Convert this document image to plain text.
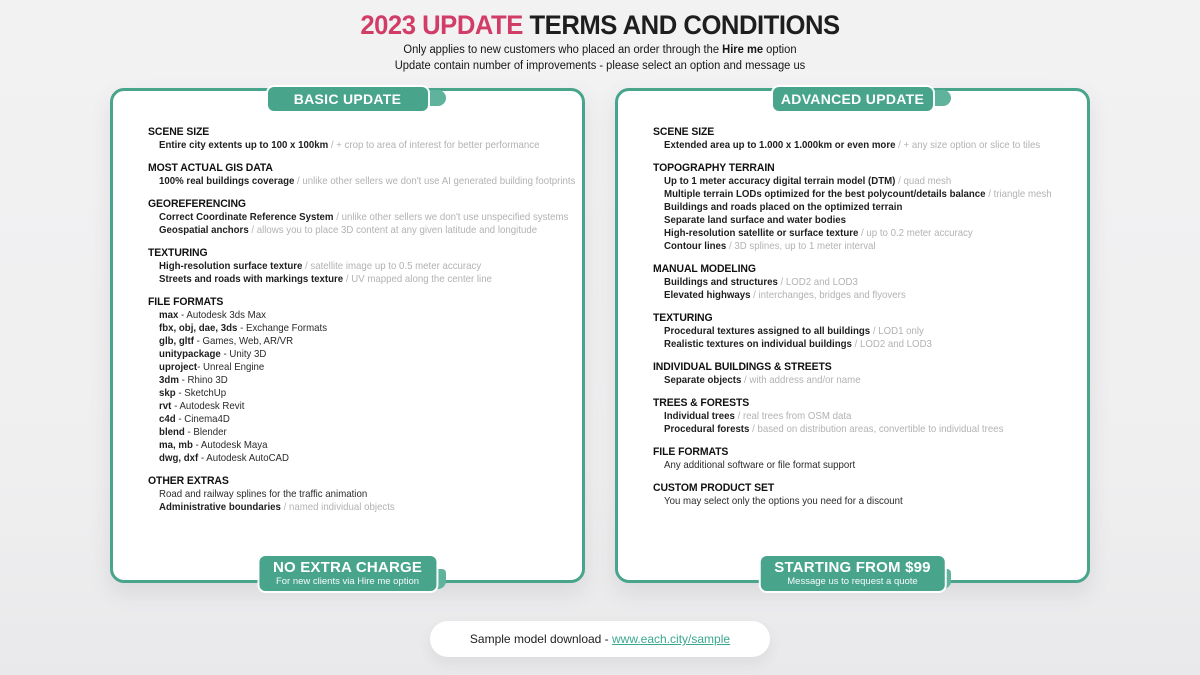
2023 UPDATE TERMS AND CONDITIONS
Only applies to new customers who placed an order through the Hire me option
Update contain number of improvements - please select an option and message us
BASIC UPDATE
SCENE SIZE
Entire city extents up to 100 x 100km / + crop to area of interest for better performance
MOST ACTUAL GIS DATA
100% real buildings coverage / unlike other sellers we don't use AI generated building footprints
GEOREFERENCING
Correct Coordinate Reference System / unlike other sellers we don't use unspecified systems
Geospatial anchors / allows you to place 3D content at any given latitude and longitude
TEXTURING
High-resolution surface texture / satellite image up to 0.5 meter accuracy
Streets and roads with markings texture / UV mapped along the center line
FILE FORMATS
max - Autodesk 3ds Max
fbx, obj, dae, 3ds - Exchange Formats
glb, gltf - Games, Web, AR/VR
unitypackage - Unity 3D
uproject- Unreal Engine
3dm - Rhino 3D
skp - SketchUp
rvt - Autodesk Revit
c4d - Cinema4D
blend - Blender
ma, mb - Autodesk Maya
dwg, dxf - Autodesk AutoCAD
OTHER EXTRAS
Road and railway splines for the traffic animation
Administrative boundaries / named individual objects
NO EXTRA CHARGE
For new clients via Hire me option
ADVANCED UPDATE
SCENE SIZE
Extended area up to 1.000 x 1.000km or even more / + any size option or slice to tiles
TOPOGRAPHY TERRAIN
Up to 1 meter accuracy digital terrain model (DTM) / quad mesh
Multiple terrain LODs optimized for the best polycount/details balance / triangle mesh
Buildings and roads placed on the optimized terrain
Separate land surface and water bodies
High-resolution satellite or surface texture / up to 0.2 meter accuracy
Contour lines / 3D splines, up to 1 meter interval
MANUAL MODELING
Buildings and structures / LOD2 and LOD3
Elevated highways / interchanges, bridges and flyovers
TEXTURING
Procedural textures assigned to all buildings / LOD1 only
Realistic textures on individual buildings / LOD2 and LOD3
INDIVIDUAL BUILDINGS & STREETS
Separate objects / with address and/or name
TREES & FORESTS
Individual trees / real trees from OSM data
Procedural forests / based on distribution areas, convertible to individual trees
FILE FORMATS
Any additional software or file format support
CUSTOM PRODUCT SET
You may select only the options you need for a discount
STARTING FROM $99
Message us to request a quote
Sample model download -
www.each.city/sample
